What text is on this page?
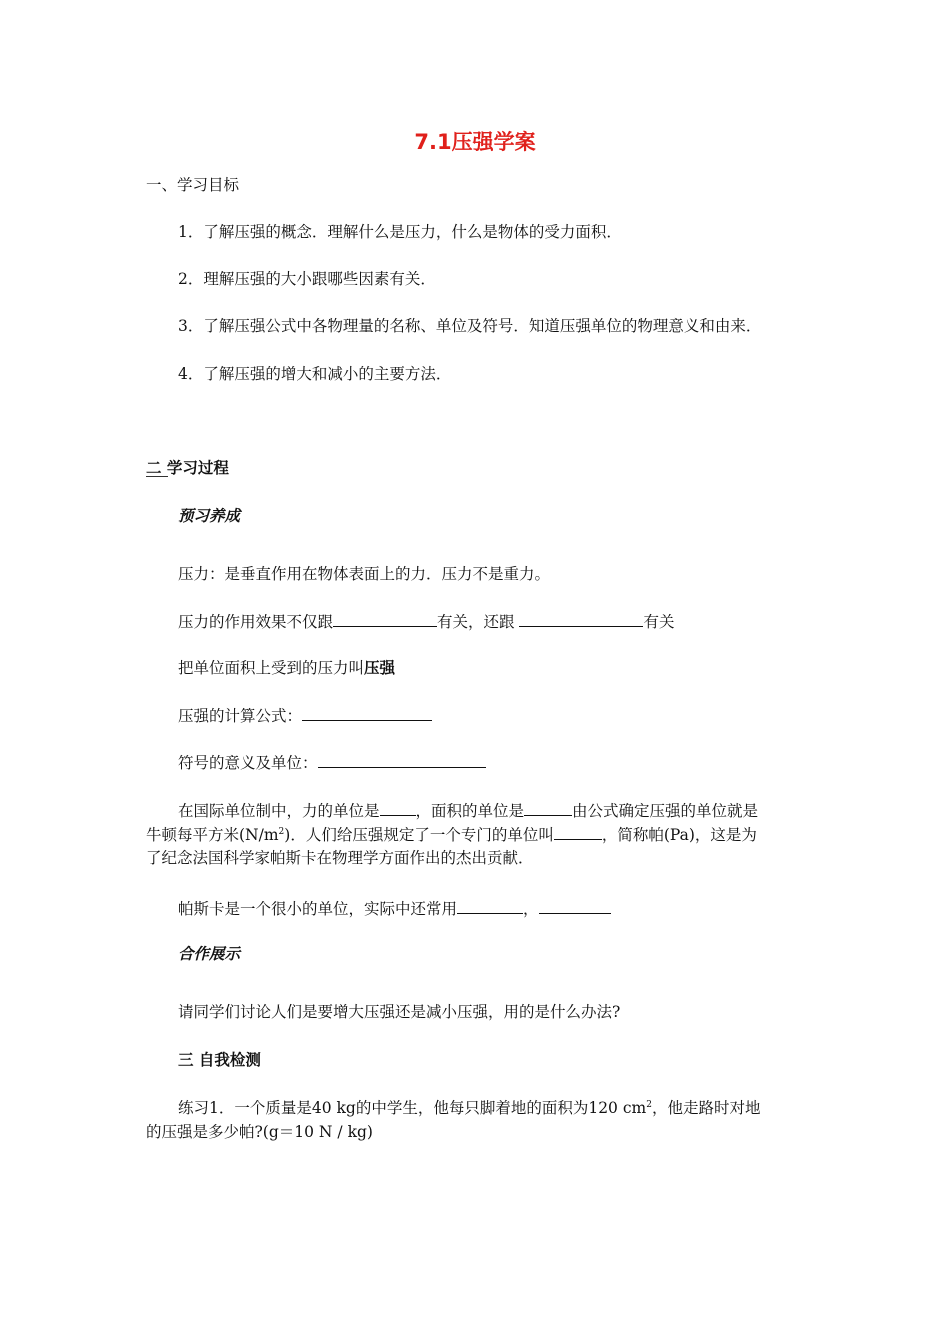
7.1压强学案
一、学习目标
1．了解压强的概念．理解什么是压力，什么是物体的受力面积．
2．理解压强的大小跟哪些因素有关．
3．了解压强公式中各物理量的名称、单位及符号．知道压强单位的物理意义和由来．
4．了解压强的增大和减小的主要方法．
二 学习过程
预习养成
压力：是垂直作用在物体表面上的力．压力不是重力。
压力的作用效果不仅跟	有关，还跟	有关
把单位面积上受到的压力叫压强
压强的计算公式：
符号的意义及单位：
在国际单位制中，力的单位是 ，面积的单位是	由公式确定压强的单位就是
牛顿每平方米$(N/m^2)$．人们给压强规定了一个专门的单位叫	，简称帕(Pa)，这是为
了纪念法国科学家帕斯卡在物理学方面作出的杰出贡献．
帕斯卡是一个很小的单位，实际中还常用	，
合作展示
请同学们讨论人们是要增大压强还是减小压强，用的是什么办法?
三 自我检测
练习1．一个质量是40 kg的中学生，他每只脚着地的面积为120 $cm^2$，他走路时对地
的压强是多少帕?(g＝10 N / kg)
